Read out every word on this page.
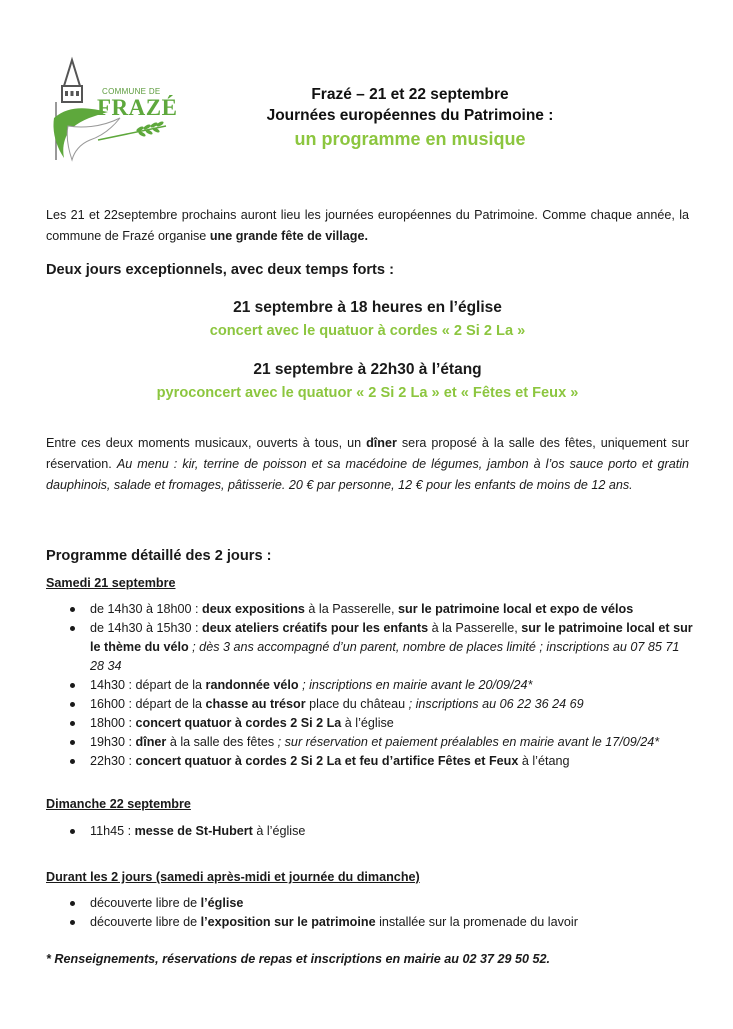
COMMUNE DE
FRAZÉ
Frazé – 21 et 22 septembre
Journées européennes du Patrimoine :
un programme en musique
Les 21 et 22septembre prochains auront lieu les journées européennes du Patrimoine. Comme chaque année, la commune de Frazé organise une grande fête de village.
Deux jours exceptionnels, avec deux temps forts :
21 septembre à 18 heures en l’église
concert avec le quatuor à cordes « 2 Si 2 La »
21 septembre à 22h30 à l’étang
pyroconcert avec le quatuor « 2 Si 2 La » et « Fêtes et Feux »
Entre ces deux moments musicaux, ouverts à tous, un dîner sera proposé à la salle des fêtes, uniquement sur réservation. Au menu : kir, terrine de poisson et sa macédoine de légumes, jambon à l’os sauce porto et gratin dauphinois, salade et fromages, pâtisserie. 20 € par personne, 12 € pour les enfants de moins de 12 ans.
Programme détaillé des 2 jours :
Samedi 21 septembre
de 14h30 à 18h00 : deux expositions à la Passerelle, sur le patrimoine local et expo de vélos
de 14h30 à 15h30 : deux ateliers créatifs pour les enfants à la Passerelle, sur le patrimoine local et sur le thème du vélo ; dès 3 ans accompagné d’un parent, nombre de places limité ; inscriptions au 07 85 71 28 34
14h30 : départ de la randonnée vélo ; inscriptions en mairie avant le 20/09/24*
16h00 : départ de la chasse au trésor place du château ; inscriptions au 06 22 36 24 69
18h00 : concert quatuor à cordes 2 Si 2 La à l’église
19h30 : dîner à la salle des fêtes ; sur réservation et paiement préalables en mairie avant le 17/09/24*
22h30 : concert quatuor à cordes 2 Si 2 La et feu d’artifice Fêtes et Feux à l’étang
Dimanche 22 septembre
11h45 : messe de St-Hubert à l’église
Durant les 2 jours (samedi après-midi et journée du dimanche)
découverte libre de l’église
découverte libre de l’exposition sur le patrimoine installée sur la promenade du lavoir
* Renseignements, réservations de repas et inscriptions en mairie au 02 37 29 50 52.
